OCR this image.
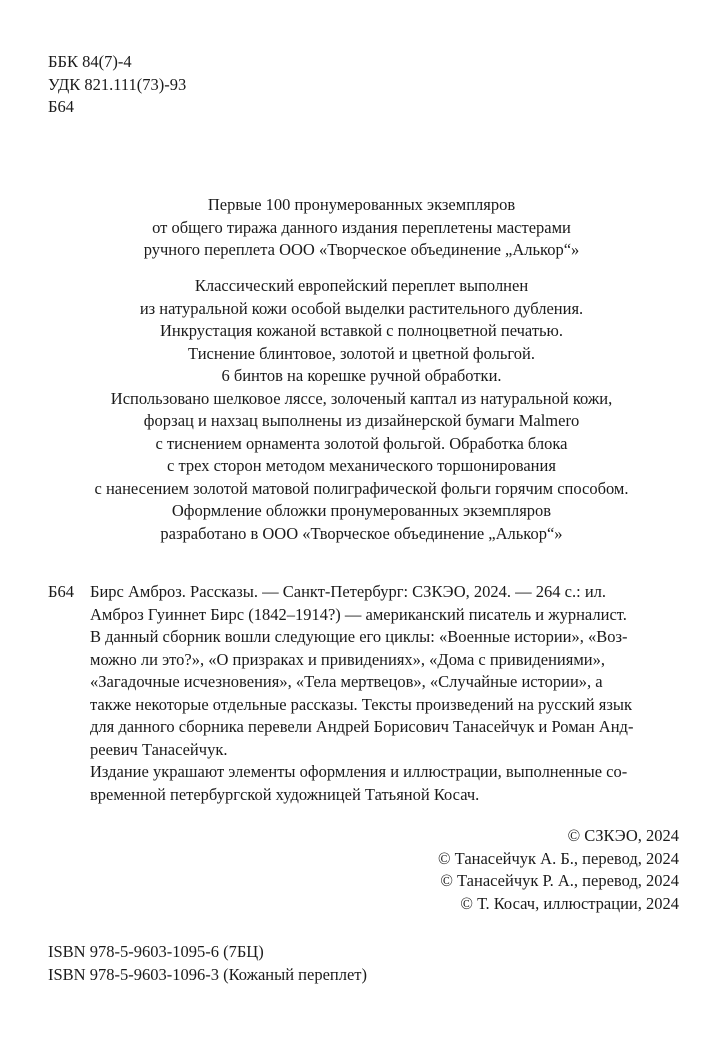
ББК 84(7)-4
УДК 821.111(73)-93
Б64
Первые 100 пронумерованных экземпляров
от общего тиража данного издания переплетены мастерами
ручного переплета ООО «Творческое объединение „Алькор“»
Классический европейский переплет выполнен
из натуральной кожи особой выделки растительного дубления.
Инкрустация кожаной вставкой с полноцветной печатью.
Тиснение блинтовое, золотой и цветной фольгой.
6 бинтов на корешке ручной обработки.
Использовано шелковое ляссе, золоченый каптал из натуральной кожи,
форзац и нахзац выполнены из дизайнерской бумаги Malmero
с тиснением орнамента золотой фольгой. Обработка блока
с трех сторон методом механического торшонирования
с нанесением золотой матовой полиграфической фольги горячим способом.
Оформление обложки пронумерованных экземпляров
разработано в ООО «Творческое объединение „Алькор“»
Б64 Бирс Амброз. Рассказы. — Санкт-Петербург: СЗКЭО, 2024. — 264 с.: ил.
Амброз Гуиннет Бирс (1842–1914?) — американский писатель и журналист.
В данный сборник вошли следующие его циклы: «Военные истории», «Воз-
можно ли это?», «О призраках и привидениях», «Дома с привидениями»,
«Загадочные исчезновения», «Тела мертвецов», «Случайные истории», а
также некоторые отдельные рассказы. Тексты произведений на русский язык
для данного сборника перевели Андрей Борисович Танасейчук и Роман Анд-
реевич Танасейчук.
Издание украшают элементы оформления и иллюстрации, выполненные со-
временной петербургской художницей Татьяной Косач.
© СЗКЭО, 2024
© Танасейчук А. Б., перевод, 2024
© Танасейчук Р. А., перевод, 2024
© Т. Косач, иллюстрации, 2024
ISBN 978-5-9603-1095-6 (7БЦ)
ISBN 978-5-9603-1096-3 (Кожаный переплет)
